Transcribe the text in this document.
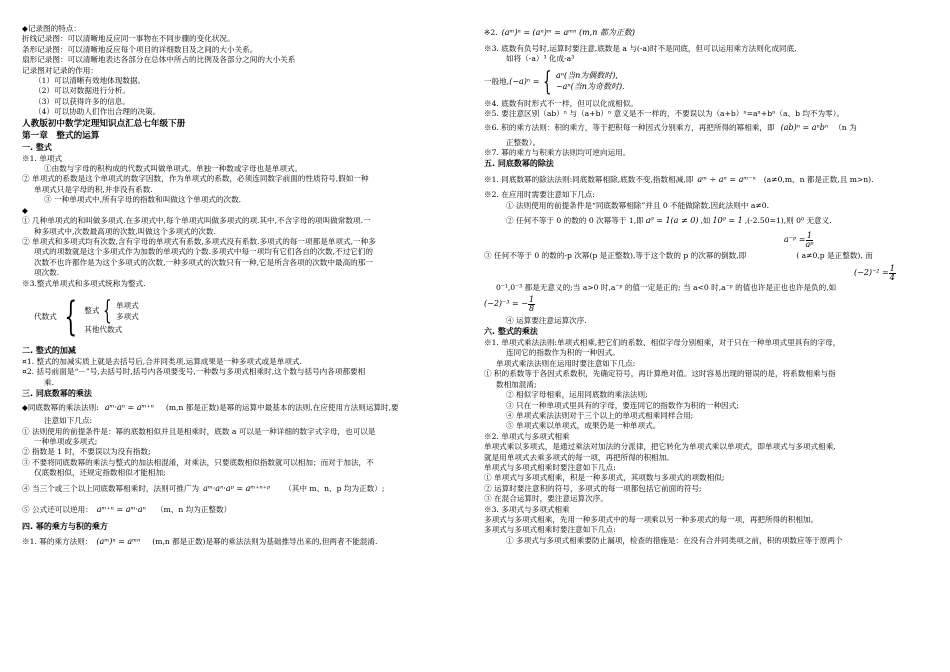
◆记录图的特点：

折线记录图：可以清晰地反应同一事物在不同步骤的变化状况。

条形记录图：可以清晰地反应每个项目的详细数目及之间的大小关系。

扇形记录图：可以清晰地表达各部分在总体中所占的比例及各部分之间的大小关系

记录图对记录的作用：

（1）可以清晰有效地体现数据。

（2）可以对数据进行分析。

（3）可以获得许多的信息。

（4）可以协助人们作出合理的决策。

人教版初中数学定理知识点汇总七年级下册

第一章　整式的运算

一. 整式

※1. 单项式

①由数与字母的积构成的代数式叫做单项式。单独一种数或字母也是单项式。

② 单项式的系数是这个单项式的数字因数，作为单项式的系数，必须连同数字前面的性质符号,假如一种

单项式只是字母的积,并非没有系数.

③ 一种单项式中,所有字母的指数和叫做这个单项式的次数.

◆

① 几种单项式的和叫做多项式.在多项式中,每个单项式叫做多项式的项.其中,不含字母的项叫做常数项.一

种多项式中,次数最高项的次数,叫做这个多项式的次数.

② 单项式和多项式均有次数,含有字母的单项式有系数,多项式没有系数.多项式的每一项都是单项式,一种多

项式的项数就是这个多项式作为加数的单项式的个数.多项式中每一项均有它们各自的次数,不过它们的

次数不也许都作是为这个多项式的次数,一种多项式的次数只有一种,它是所含各项的次数中最高的那一

项次数.

※3.整式单项式和多项式统称为整式.

代数式 { 整式 { 单项式

多项式

其他代数式

二. 整式的加减

¤1. 整式的加减实质上就是去括号后,合并同类项,运算成果是一种多项式或是单项式.

¤2. 括号前面是“－”号,去括号时,括号内各项要变号,一种数与多项式相乘时,这个数与括号内各项都要相

乘.

三. 同底数幂的乘法

◆同底数幂的乘法法则: aᵐ·aⁿ = aᵐ⁺ⁿ (m,n 都是正数)是幂的运算中最基本的法则,在应使用方法则运算时,要

注意如下几点:

① 法则使用的前提条件是：幂的底数相似并且是相乘时，底数 a 可以是一种详细的数字式字母，也可以是

一种单项或多项式;

② 指数是 1 时，不要误以为没有指数;

③ 不要将同底数幂的乘法与整式的加法相混淆，对乘法，只要底数相似指数就可以相加；而对于加法，不

仅底数相似，还规定指数相似才能相加;

④ 当三个或三个以上同底数幂相乘时，法则可推广为 aᵐ·aⁿ·aᵖ = aᵐ⁺ⁿ⁺ᵖ （其中 m、n、p 均为正数）;
⑤ 公式还可以逆用： aᵐ⁺ⁿ = aᵐ·aⁿ （m、n 均为正整数）

四. 幂的乘方与积的乘方

※1. 幂的乘方法则： (aᵐ)ⁿ = aᵐⁿ (m,n 都是正数)是幂的乘法法则为基础推导出来的,但两者不能混淆.
※2. (aᵐ)ⁿ = (aⁿ)ᵐ = aᵐⁿ (m,n 都为正数)

※3. 底数有负号时,运算时要注意,底数是 a 与(-a)时不是同底，但可以运用乘方法则化成同底,

如将（-a）³ 化成-a³

一般地, (−a)ⁿ = { aⁿ(当n为偶数时),

−aⁿ(当n为奇数时).

※4. 底数有时形式不一样，但可以化成相似。

※5. 要注意区别（ab）ⁿ 与（a+b）ⁿ 意义是不一样的，不要误以为（a+b）ⁿ=aⁿ+bⁿ（a、b 均不为零）。

※6. 积的乘方法则：积的乘方，等于把积每一种因式分别乘方，再把所得的幂相乘，即 (ab)ⁿ = aⁿbⁿ （n 为

正整数）。

※7. 幂的乘方与积乘方法则均可逆向运用。

五. 同底数幂的除法

※1. 同底数幂的除法法则:同底数幂相除,底数不变,指数相减,即 aᵐ ÷ aⁿ = aᵐ⁻ⁿ (a≠0,m、n 都是正数,且 m>n).

※2. 在应用时需要注意如下几点:

① 法则使用的前提条件是“同底数幂相除”并且 0 不能做除数,因此法则中 a≠0.

② 任何不等于 0 的数的 0 次幂等于 1,即 a⁰ = 1(a ≠ 0) ,如 10⁰ = 1 ,(-2.50=1),则 0⁰ 无意义.
a⁻ᵖ = $\frac{1}{\text{aᵖ}}$
③ 任何不等于 0 的数的-p 次幂(p 是正整数),等于这个数的 p 的次幂的倒数,即	( a≠0,p 是正整数), 而
$(-2)^{-2} = \frac{1}{4}$

0⁻¹,0⁻³ 都是无意义的;当 a>0 时,a⁻ᵖ 的值一定是正的; 当 a<0 时,a⁻ᵖ 的值也许是正也也许是负的,如

(−2)⁻³ = − $\frac{1}{8}$

④ 运算要注意运算次序.

六. 整式的乘法

※1. 单项式乘法法则:单项式相乘,把它们的系数、相似字母分别相乘，对于只在一种单项式里具有的字母，

连同它的指数作为积的一种因式。

单项式乘法法则在运用时要注意如下几点:

① 积的系数等于各因式系数积，先确定符号，再计算绝对值。这时容易出现的错误的是，将系数相乘与指

数相加混淆;

② 相似字母相乘，运用同底数的乘法法则;

③ 只在一种单项式里具有的字母，要连同它的指数作为积的一种因式;

④ 单项式乘法法则对于三个以上的单项式相乘同样合用;

⑤ 单项式乘以单项式，成果仍是一种单项式。

※2. 单项式与多项式相乘

单项式乘以多项式，是通过乘法对加法的分派律，把它转化为单项式乘以单项式，即单项式与多项式相乘,

就是用单项式去乘多项式的每一项，再把所得的积相加。

单项式与多项式相乘时要注意如下几点:

① 单项式与多项式相乘，积是一种多项式，其项数与多项式的项数相似;

② 运算时要注意积的符号，多项式的每一项都包括它前面的符号;

③ 在混合运算时，要注意运算次序。

※3. 多项式与多项式相乘

多项式与多项式相乘，先用一种多项式中的每一项乘以另一种多项式的每一项，再把所得的积相加。

多项式与多项式相乘时要注意如下几点:

① 多项式与多项式相乘要防止漏项，检查的措施是：在没有合并同类项之前，积的项数应等于原两个
